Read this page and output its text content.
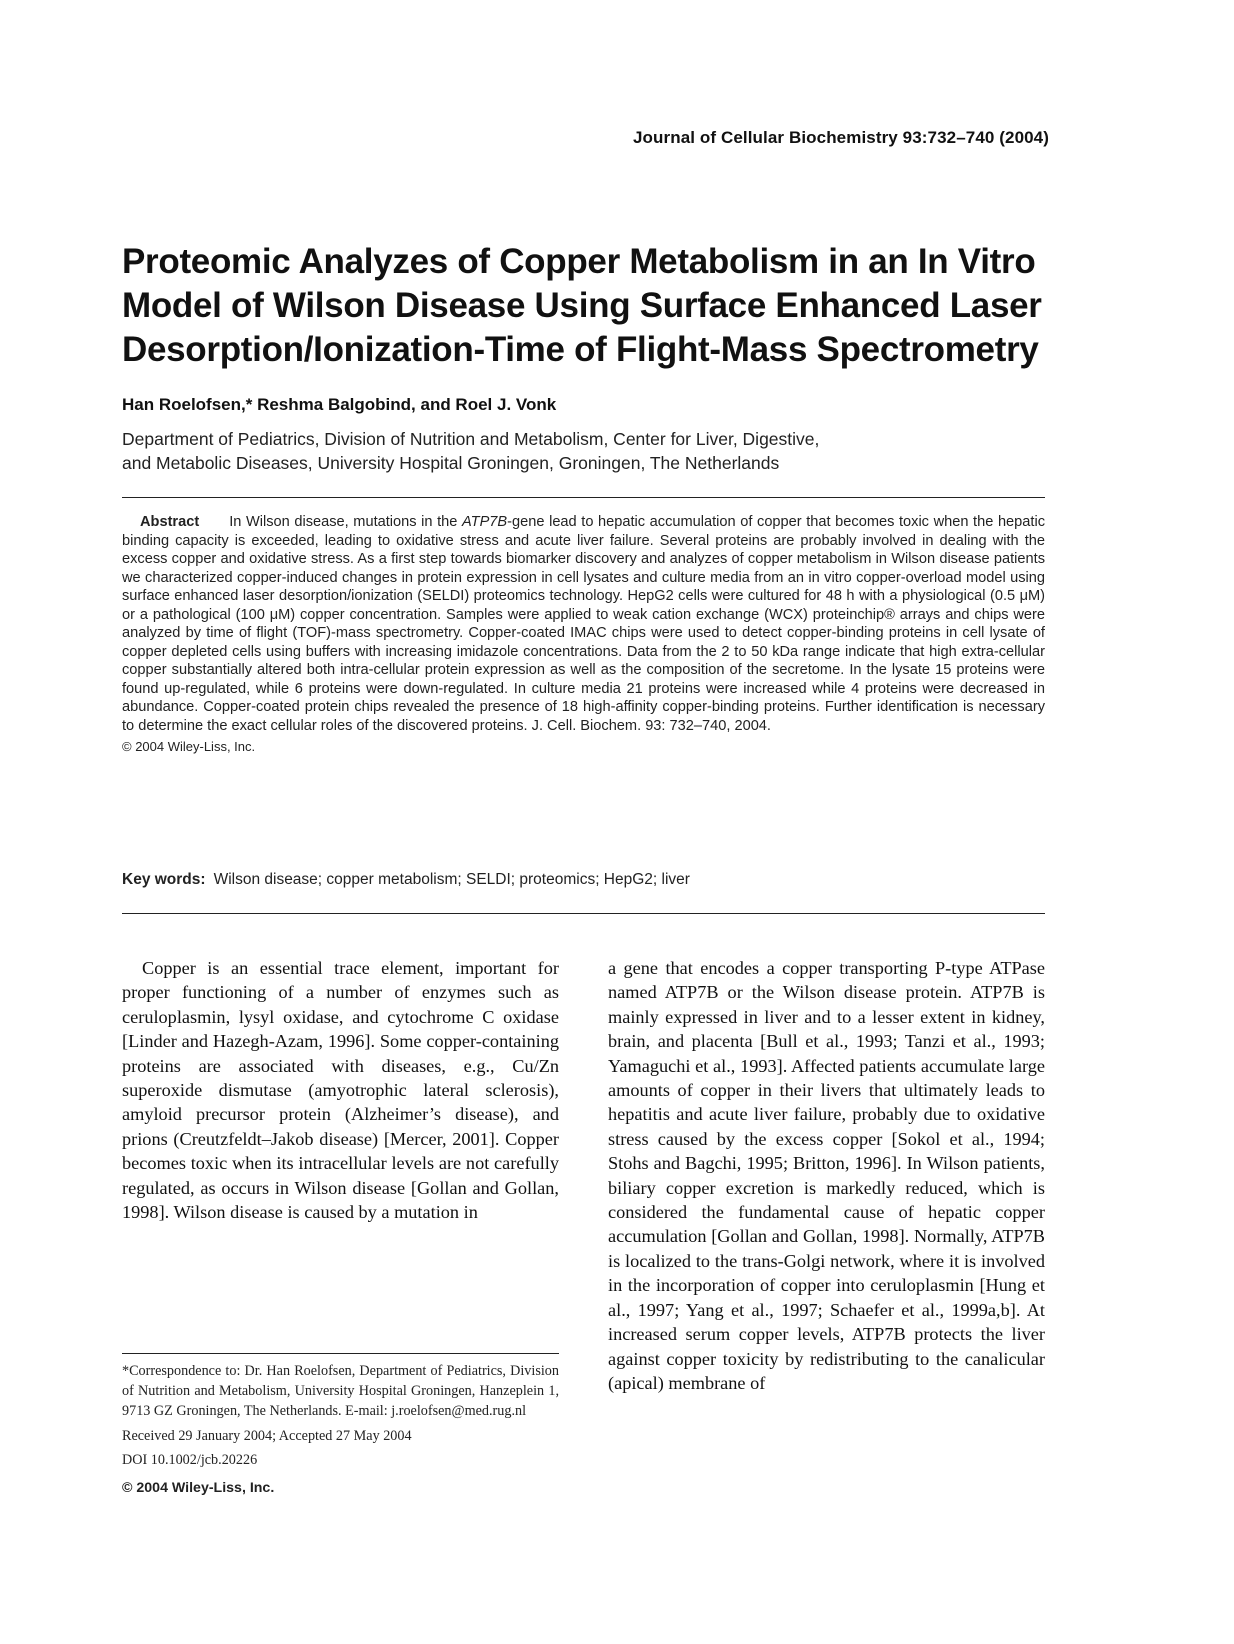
Journal of Cellular Biochemistry 93:732–740 (2004)
Proteomic Analyzes of Copper Metabolism in an In Vitro
Model of Wilson Disease Using Surface Enhanced Laser
Desorption/Ionization-Time of Flight-Mass Spectrometry
Han Roelofsen,* Reshma Balgobind, and Roel J. Vonk
Department of Pediatrics, Division of Nutrition and Metabolism, Center for Liver, Digestive,
and Metabolic Diseases, University Hospital Groningen, Groningen, The Netherlands

Abstract In Wilson disease, mutations in the ATP7B-gene lead to hepatic accumulation of copper that becomes toxic when the hepatic binding capacity is exceeded, leading to oxidative stress and acute liver failure. Several proteins are probably involved in dealing with the excess copper and oxidative stress. As a first step towards biomarker discovery and analyzes of copper metabolism in Wilson disease patients we characterized copper-induced changes in protein expression in cell lysates and culture media from an in vitro copper-overload model using surface enhanced laser desorption/ionization (SELDI) proteomics technology. HepG2 cells were cultured for 48 h with a physiological (0.5 μM) or a pathological (100 μM) copper concentration. Samples were applied to weak cation exchange (WCX) proteinchip® arrays and chips were analyzed by time of flight (TOF)-mass spectrometry. Copper-coated IMAC chips were used to detect copper-binding proteins in cell lysate of copper depleted cells using buffers with increasing imidazole concentrations. Data from the 2 to 50 kDa range indicate that high extra-cellular copper substantially altered both intra-cellular protein expression as well as the composition of the secretome. In the lysate 15 proteins were found up-regulated, while 6 proteins were down-regulated. In culture media 21 proteins were increased while 4 proteins were decreased in abundance. Copper-coated protein chips revealed the presence of 18 high-affinity copper-binding proteins. Further identification is necessary to determine the exact cellular roles of the discovered proteins. J. Cell. Biochem. 93: 732–740, 2004.

© 2004 Wiley-Liss, Inc.

Key words: Wilson disease; copper metabolism; SELDI; proteomics; HepG2; liver

Copper is an essential trace element, important for proper functioning of a number of enzymes such as ceruloplasmin, lysyl oxidase, and cytochrome C oxidase [Linder and Hazegh-Azam, 1996]. Some copper-containing proteins are associated with diseases, e.g., Cu/Zn superoxide dismutase (amyotrophic lateral sclerosis), amyloid precursor protein (Alzheimer’s disease), and prions (Creutzfeldt–Jakob disease) [Mercer, 2001]. Copper becomes toxic when its intracellular levels are not carefully regulated, as occurs in Wilson disease [Gollan and Gollan, 1998]. Wilson disease is caused by a mutation in

a gene that encodes a copper transporting P-type ATPase named ATP7B or the Wilson disease protein. ATP7B is mainly expressed in liver and to a lesser extent in kidney, brain, and placenta [Bull et al., 1993; Tanzi et al., 1993; Yamaguchi et al., 1993]. Affected patients accumulate large amounts of copper in their livers that ultimately leads to hepatitis and acute liver failure, probably due to oxidative stress caused by the excess copper [Sokol et al., 1994; Stohs and Bagchi, 1995; Britton, 1996]. In Wilson patients, biliary copper excretion is markedly reduced, which is considered the fundamental cause of hepatic copper accumulation [Gollan and Gollan, 1998]. Normally, ATP7B is localized to the trans-Golgi network, where it is involved in the incorporation of copper into ceruloplasmin [Hung et al., 1997; Yang et al., 1997; Schaefer et al., 1999a,b]. At increased serum copper levels, ATP7B protects the liver against copper toxicity by redistributing to the canalicular (apical) membrane of

*Correspondence to: Dr. Han Roelofsen, Department of Pediatrics, Division of Nutrition and Metabolism, University Hospital Groningen, Hanzeplein 1, 9713 GZ Groningen, The Netherlands. E-mail: j.roelofsen@med.rug.nl

Received 29 January 2004; Accepted 27 May 2004

DOI 10.1002/jcb.20226

© 2004 Wiley-Liss, Inc.
